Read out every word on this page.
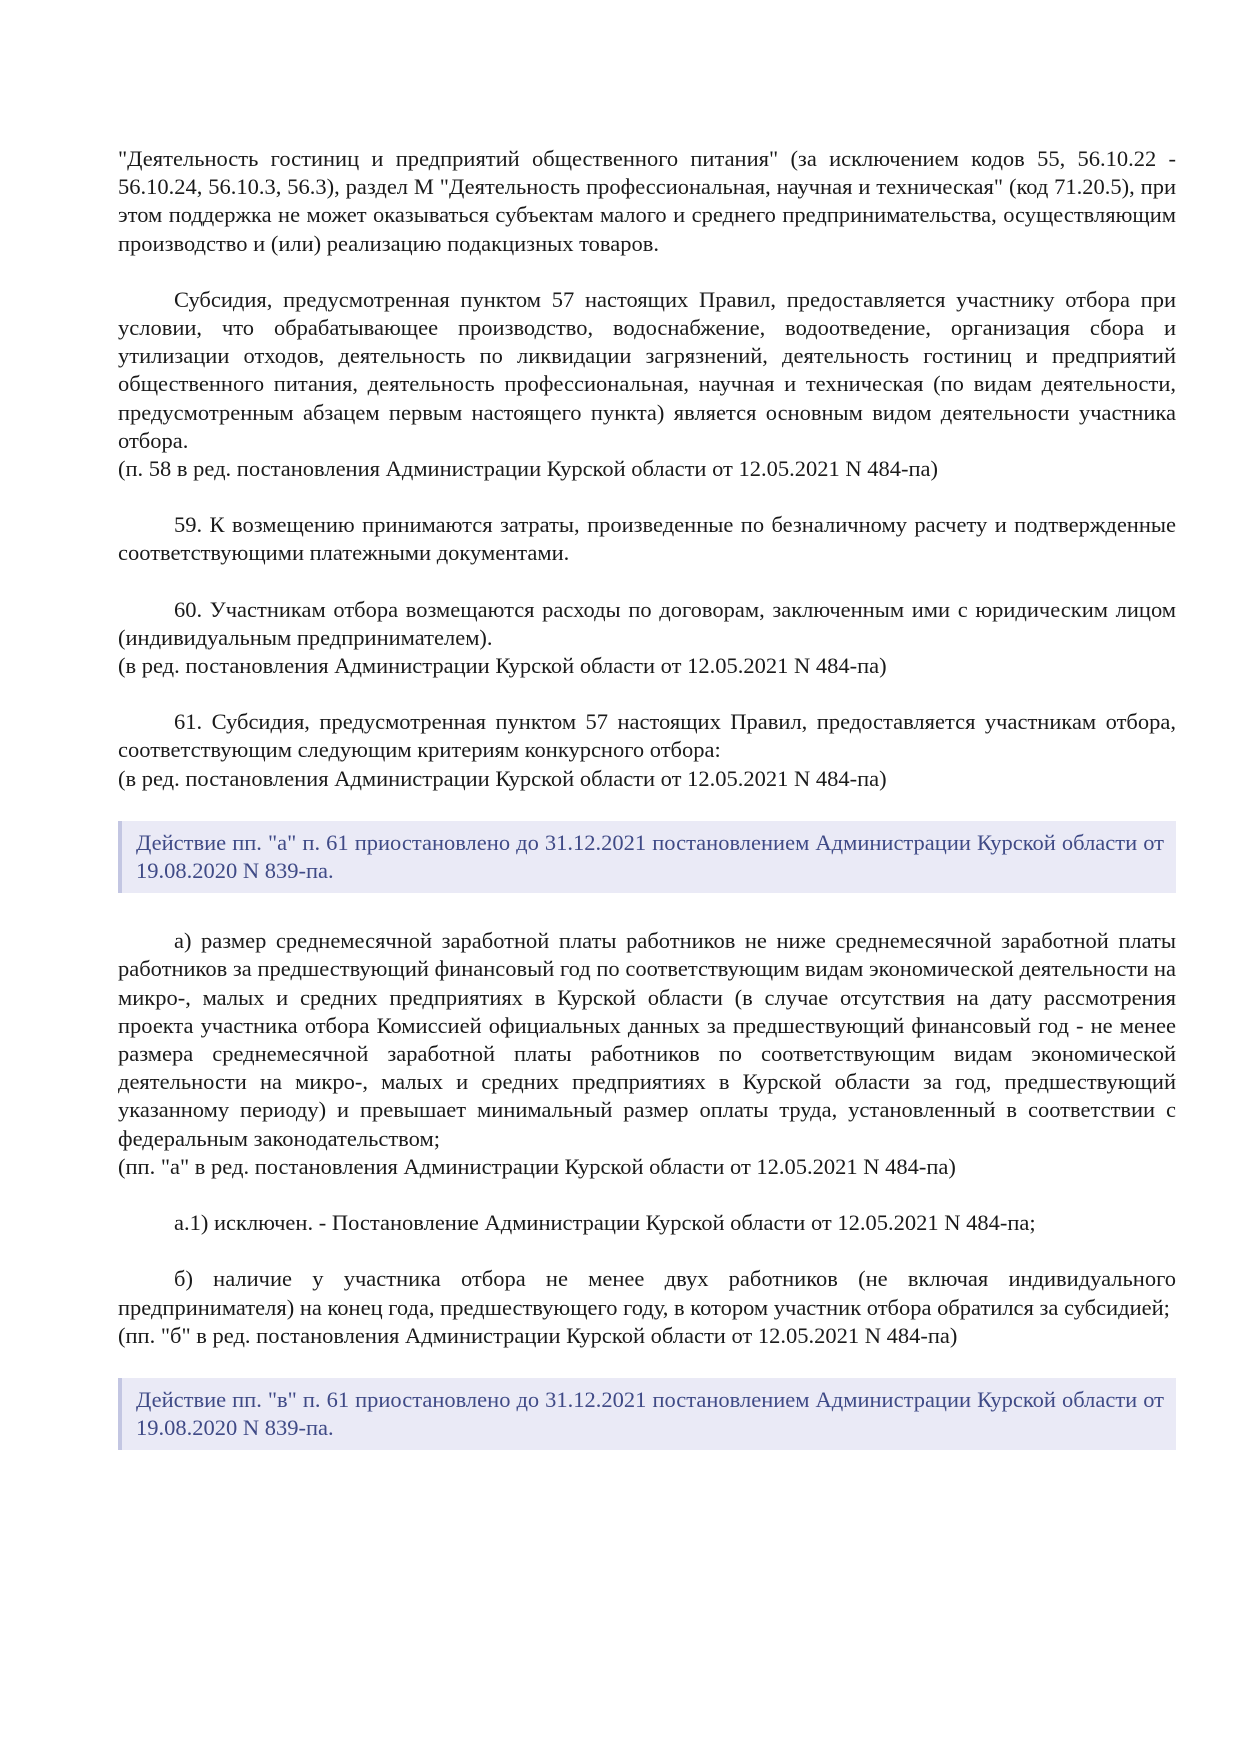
"Деятельность гостиниц и предприятий общественного питания" (за исключением кодов 55, 56.10.22 - 56.10.24, 56.10.3, 56.3), раздел M "Деятельность профессиональная, научная и техническая" (код 71.20.5), при этом поддержка не может оказываться субъектам малого и среднего предпринимательства, осуществляющим производство и (или) реализацию подакцизных товаров.

Субсидия, предусмотренная пунктом 57 настоящих Правил, предоставляется участнику отбора при условии, что обрабатывающее производство, водоснабжение, водоотведение, организация сбора и утилизации отходов, деятельность по ликвидации загрязнений, деятельность гостиниц и предприятий общественного питания, деятельность профессиональная, научная и техническая (по видам деятельности, предусмотренным абзацем первым настоящего пункта) является основным видом деятельности участника отбора.

(п. 58 в ред. постановления Администрации Курской области от 12.05.2021 N 484-па)

59. К возмещению принимаются затраты, произведенные по безналичному расчету и подтвержденные соответствующими платежными документами.

60. Участникам отбора возмещаются расходы по договорам, заключенным ими с юридическим лицом (индивидуальным предпринимателем).

(в ред. постановления Администрации Курской области от 12.05.2021 N 484-па)

61. Субсидия, предусмотренная пунктом 57 настоящих Правил, предоставляется участникам отбора, соответствующим следующим критериям конкурсного отбора:

(в ред. постановления Администрации Курской области от 12.05.2021 N 484-па)

Действие пп. "а" п. 61 приостановлено до 31.12.2021 постановлением Администрации Курской области от 19.08.2020 N 839-па.

а) размер среднемесячной заработной платы работников не ниже среднемесячной заработной платы работников за предшествующий финансовый год по соответствующим видам экономической деятельности на микро-, малых и средних предприятиях в Курской области (в случае отсутствия на дату рассмотрения проекта участника отбора Комиссией официальных данных за предшествующий финансовый год - не менее размера среднемесячной заработной платы работников по соответствующим видам экономической деятельности на микро-, малых и средних предприятиях в Курской области за год, предшествующий указанному периоду) и превышает минимальный размер оплаты труда, установленный в соответствии с федеральным законодательством;

(пп. "а" в ред. постановления Администрации Курской области от 12.05.2021 N 484-па)

а.1) исключен. - Постановление Администрации Курской области от 12.05.2021 N 484-па;

б) наличие у участника отбора не менее двух работников (не включая индивидуального предпринимателя) на конец года, предшествующего году, в котором участник отбора обратился за субсидией;

(пп. "б" в ред. постановления Администрации Курской области от 12.05.2021 N 484-па)

Действие пп. "в" п. 61 приостановлено до 31.12.2021 постановлением Администрации Курской области от 19.08.2020 N 839-па.
